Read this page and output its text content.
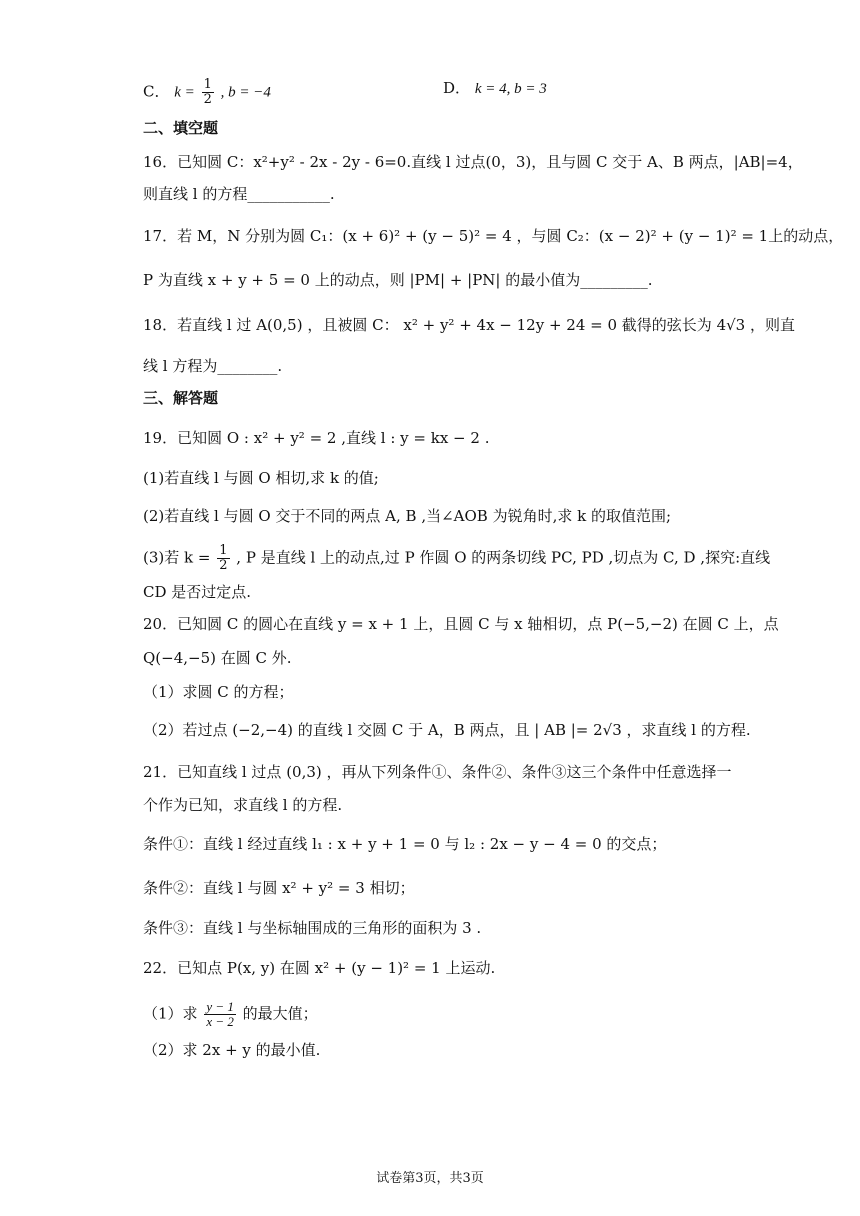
C． $k = \frac{1}{2}$ , b = −4	D． k = 4, b = 3
二、填空题
16．已知圆 C：x²+y² - 2x - 2y - 6=0.直线 l 过点(0，3)，且与圆 C 交于 A、B 两点，|AB|=4，
则直线 l 的方程___________.
17．若 M，N 分别为圆 C₁：(x + 6)² + (y − 5)² = 4 ，与圆 C₂：(x − 2)² + (y − 1)² = 1上的动点，
P 为直线 x + y + 5 = 0 上的动点，则 |PM| + |PN| 的最小值为_________.
18．若直线 l 过 A(0,5) ，且被圆 C： x² + y² + 4x − 12y + 24 = 0 截得的弦长为 4√3 ，则直
线 l 方程为________.
三、解答题
19．已知圆 O : x² + y² = 2 ,直线 l : y = kx − 2 .
(1)若直线 l 与圆 O 相切,求 k 的值;
(2)若直线 l 与圆 O 交于不同的两点 A, B ,当∠AOB 为锐角时,求 k 的取值范围;
(3)若 $k = \frac{1}{2}$ , P 是直线 l 上的动点,过 P 作圆 O 的两条切线 PC, PD ,切点为 C, D ,探究:直线
CD 是否过定点.
20．已知圆 C 的圆心在直线 y = x + 1 上，且圆 C 与 x 轴相切，点 P(−5,−2) 在圆 C 上，点
Q(−4,−5) 在圆 C 外.
（1）求圆 C 的方程；
（2）若过点 (−2,−4) 的直线 l 交圆 C 于 A，B 两点，且 | AB |= 2√3 ，求直线 l 的方程.
21．已知直线 l 过点 (0,3) ，再从下列条件①、条件②、条件③这三个条件中任意选择一
个作为已知，求直线 l 的方程.
条件①：直线 l 经过直线 l₁ : x + y + 1 = 0 与 l₂ : 2x − y − 4 = 0 的交点；
条件②：直线 l 与圆 x² + y² = 3 相切；
条件③：直线 l 与坐标轴围成的三角形的面积为 3 .
22．已知点 P(x, y) 在圆 x² + (y − 1)² = 1 上运动.
（1）求 $\frac{y - 1}{x - 2}$ 的最大值；
（2）求 2x + y 的最小值.
试卷第3页，共3页
